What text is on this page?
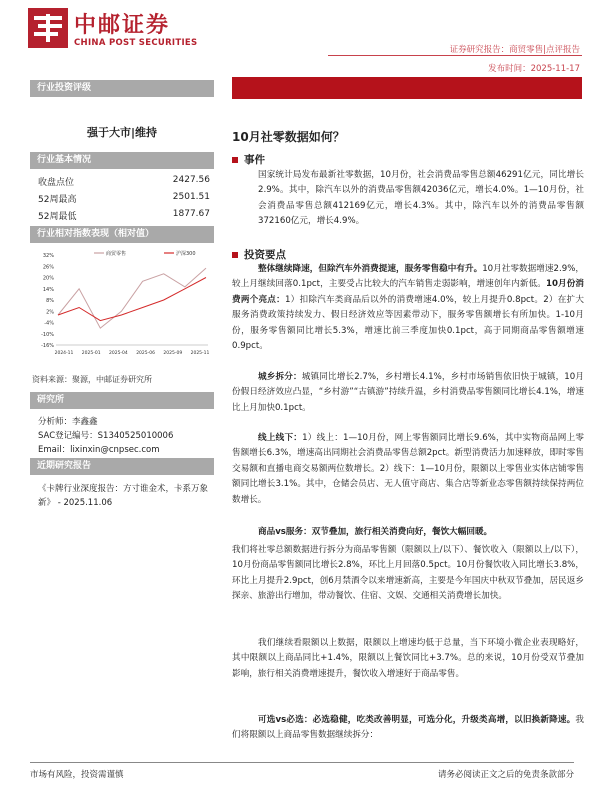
中邮证券
CHINA POST SECURITIES
证券研究报告：商贸零售|点评报告
发布时间：2025-11-17
行业投资评级
强于大市|维持
行业基本情况
收盘点位	2427.56
52周最高	2501.51
52周最低	1877.67
行业相对指数表现（相对值）
32%
26%
20%
14%
8%
2%
-4%
-10%
-16%
2024-11 2025-01 2025-04 2025-06 2025-09 2025-11
商贸零售	沪深300
资料来源：聚源，中邮证券研究所
研究所
分析师：李鑫鑫
SAC登记编号：S1340525010006
Email：lixinxin@cnpsec.com
近期研究报告
《卡牌行业深度报告：方寸谁金术，卡系万象新》 - 2025.11.06
10月社零数据如何？
事件
国家统计局发布最新社零数据，10月份，社会消费品零售总额46291亿元，同比增长2.9%。其中，除汽车以外的消费品零售额42036亿元，增长4.0%。1—10月份，社会消费品零售总额412169亿元，增长4.3%。其中，除汽车以外的消费品零售额372160亿元，增长4.9%。
投资要点
整体继续降速，但除汽车外消费提速，服务零售稳中有升。10月社零数据增速2.9%，较上月继续回落0.1pct，主要受占比较大的汽车销售走弱影响，增速创年内新低。10月份消费两个亮点：1）扣除汽车类商品后以外的消费增速4.0%，较上月提升0.8pct。2）在扩大服务消费政策持续发力、假日经济效应等因素带动下，服务零售额增长有所加快。1-10月份，服务零售额同比增长5.3%，增速比前三季度加快0.1pct，高于同期商品零售额增速0.9pct。
城乡拆分：城镇同比增长2.7%，乡村增长4.1%，乡村市场销售依旧快于城镇，10月份假日经济效应凸显，“乡村游”“古镇游”持续升温，乡村消费品零售额同比增长4.1%，增速比上月加快0.1pct。
线上线下：1）线上：1—10月份，网上零售额同比增长9.6%，其中实物商品网上零售额增长6.3%，增速高出同期社会消费品零售总额2pct。新型消费活力加速释放，即时零售交易额和直播电商交易额两位数增长。2）线下：1—10月份，限额以上零售业实体店铺零售额同比增长3.1%。其中，仓储会员店、无人值守商店、集合店等新业态零售额持续保持两位数增长。
商品vs服务：双节叠加，旅行相关消费向好，餐饮大幅回暖。
我们将社零总额数据进行拆分为商品零售额（限额以上/以下）、餐饮收入（限额以上/以下），10月份商品零售额同比增长2.8%，环比上月回落0.5pct。10月份餐饮收入同比增长3.8%，环比上月提升2.9pct，创6月禁酒令以来增速新高，主要是今年国庆中秋双节叠加，居民返乡探亲、旅游出行增加，带动餐饮、住宿、文娱、交通相关消费增长加快。
我们继续看限额以上数据，限额以上增速均低于总量，当下环境小微企业表现略好，其中限额以上商品同比+1.4%，限额以上餐饮同比+3.7%。总的来说，10月份受双节叠加影响，旅行相关消费增速提升，餐饮收入增速好于商品零售。
可选vs必选：必选稳健，吃类改善明显，可选分化，升级类高增，以旧换新降速。我们将限额以上商品零售数据继续拆分：
市场有风险，投资需谨慎	请务必阅读正文之后的免责条款部分
